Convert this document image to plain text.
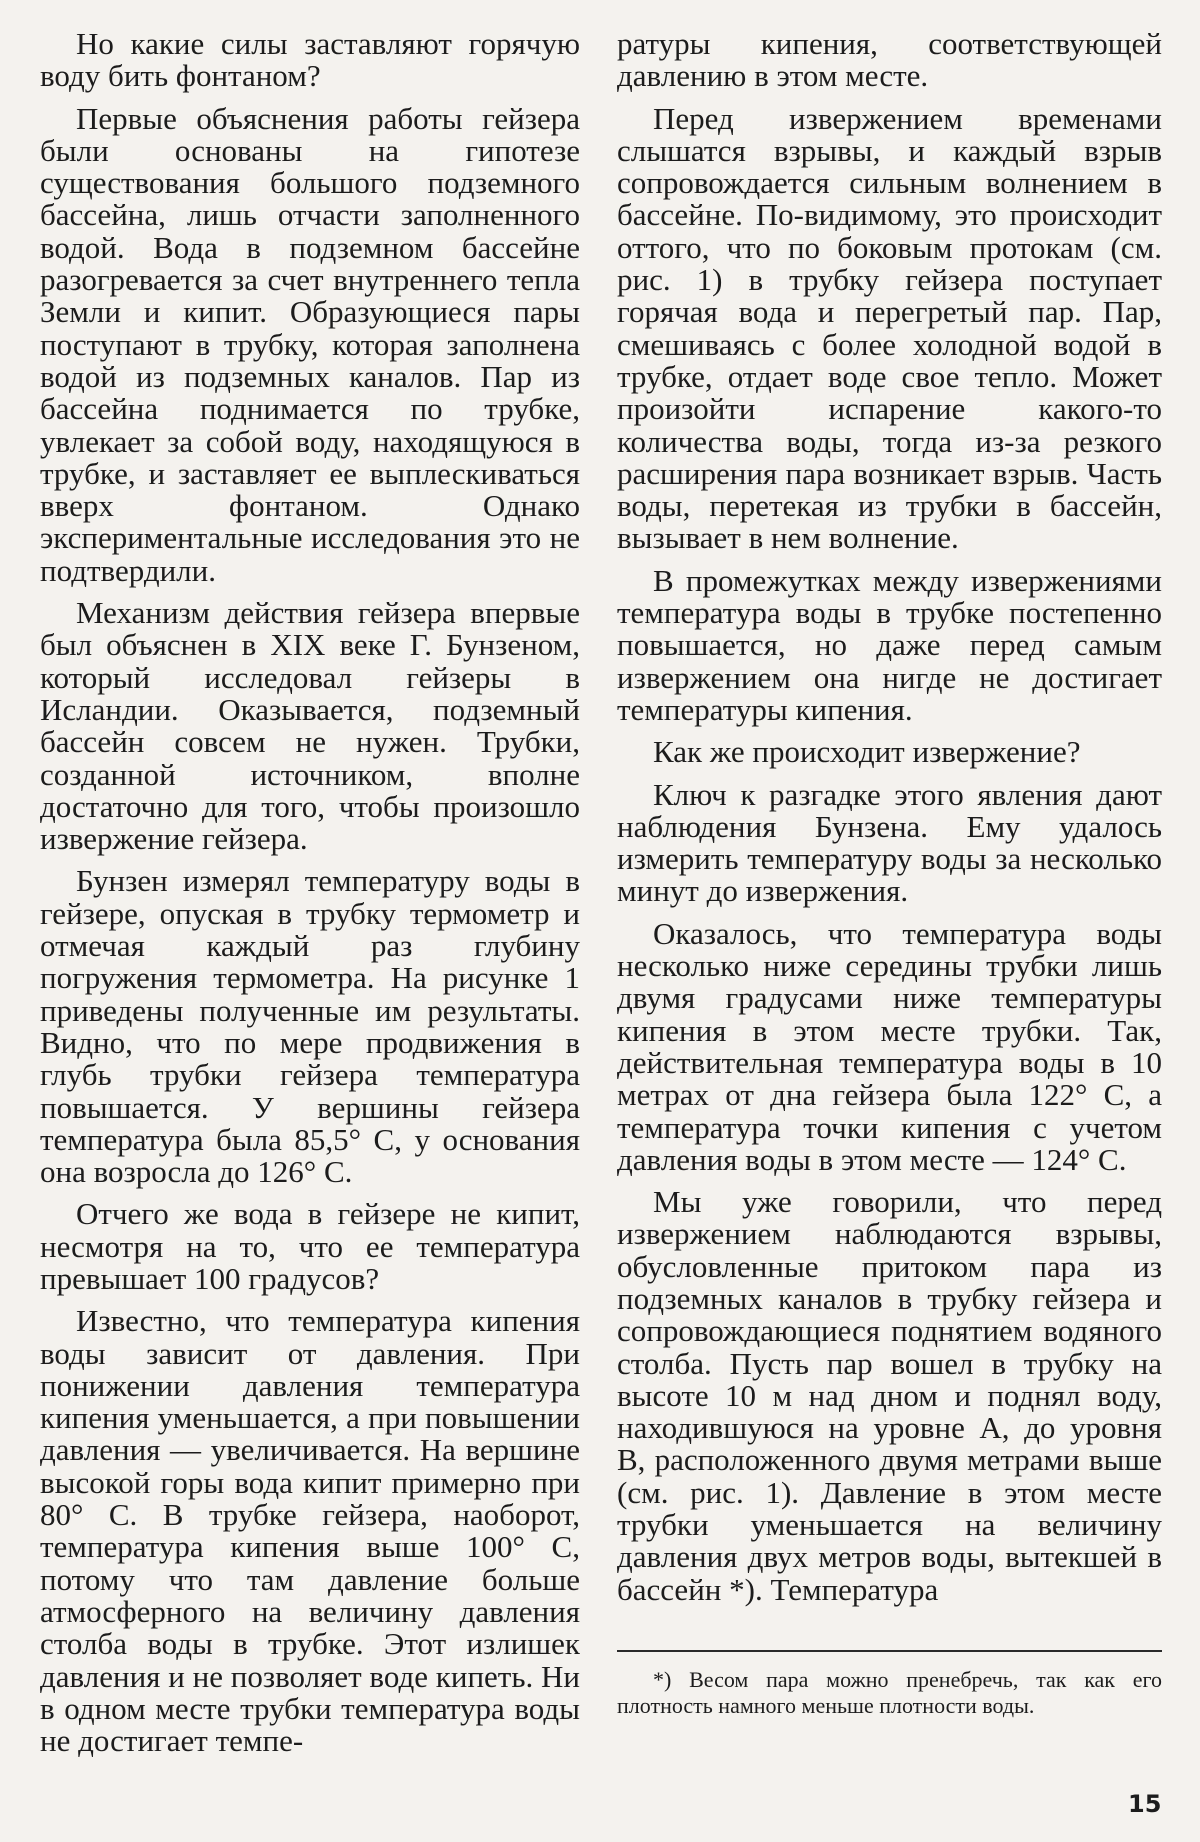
Но какие силы заставляют горячую воду бить фонтаном?

Первые объяснения работы гейзера были основаны на гипотезе существования большого подземного бассейна, лишь отчасти заполненного водой. Вода в подземном бассейне разогревается за счет внутреннего тепла Земли и кипит. Образующиеся пары поступают в трубку, которая заполнена водой из подземных каналов. Пар из бассейна поднимается по трубке, увлекает за собой воду, находящуюся в трубке, и заставляет ее выплескиваться вверх фонтаном. Однако экспериментальные исследования это не подтвердили.

Механизм действия гейзера впервые был объяснен в XIX веке Г. Бунзеном, который исследовал гейзеры в Исландии. Оказывается, подземный бассейн совсем не нужен. Трубки, созданной источником, вполне достаточно для того, чтобы произошло извержение гейзера.

Бунзен измерял температуру воды в гейзере, опуская в трубку термометр и отмечая каждый раз глубину погружения термометра. На рисунке 1 приведены полученные им результаты. Видно, что по мере продвижения в глубь трубки гейзера температура повышается. У вершины гейзера температура была 85,5° С, у основания она возросла до 126° С.

Отчего же вода в гейзере не кипит, несмотря на то, что ее температура превышает 100 градусов?

Известно, что температура кипения воды зависит от давления. При понижении давления температура кипения уменьшается, а при повышении давления — увеличивается. На вершине высокой горы вода кипит примерно при 80° С. В трубке гейзера, наоборот, температура кипения выше 100° С, потому что там давление больше атмосферного на величину давления столба воды в трубке. Этот излишек давления и не позволяет воде кипеть. Ни в одном месте трубки температура воды не достигает темпе-

ратуры кипения, соответствующей давлению в этом месте.

Перед извержением временами слышатся взрывы, и каждый взрыв сопровождается сильным волнением в бассейне. По-видимому, это происходит оттого, что по боковым протокам (см. рис. 1) в трубку гейзера поступает горячая вода и перегретый пар. Пар, смешиваясь с более холодной водой в трубке, отдает воде свое тепло. Может произойти испарение какого-то количества воды, тогда из-за резкого расширения пара возникает взрыв. Часть воды, перетекая из трубки в бассейн, вызывает в нем волнение.

В промежутках между извержениями температура воды в трубке постепенно повышается, но даже перед самым извержением она нигде не достигает температуры кипения.

Как же происходит извержение?

Ключ к разгадке этого явления дают наблюдения Бунзена. Ему удалось измерить температуру воды за несколько минут до извержения.

Оказалось, что температура воды несколько ниже середины трубки лишь двумя градусами ниже температуры кипения в этом месте трубки. Так, действительная температура воды в 10 метрах от дна гейзера была 122° С, а температура точки кипения с учетом давления воды в этом месте — 124° С.

Мы уже говорили, что перед извержением наблюдаются взрывы, обусловленные притоком пара из подземных каналов в трубку гейзера и сопровождающиеся поднятием водяного столба. Пусть пар вошел в трубку на высоте 10 м над дном и поднял воду, находившуюся на уровне A, до уровня B, расположенного двумя метрами выше (см. рис. 1). Давление в этом месте трубки уменьшается на величину давления двух метров воды, вытекшей в бассейн *). Температура

*) Весом пара можно пренебречь, так как его плотность намного меньше плотности воды.

15
